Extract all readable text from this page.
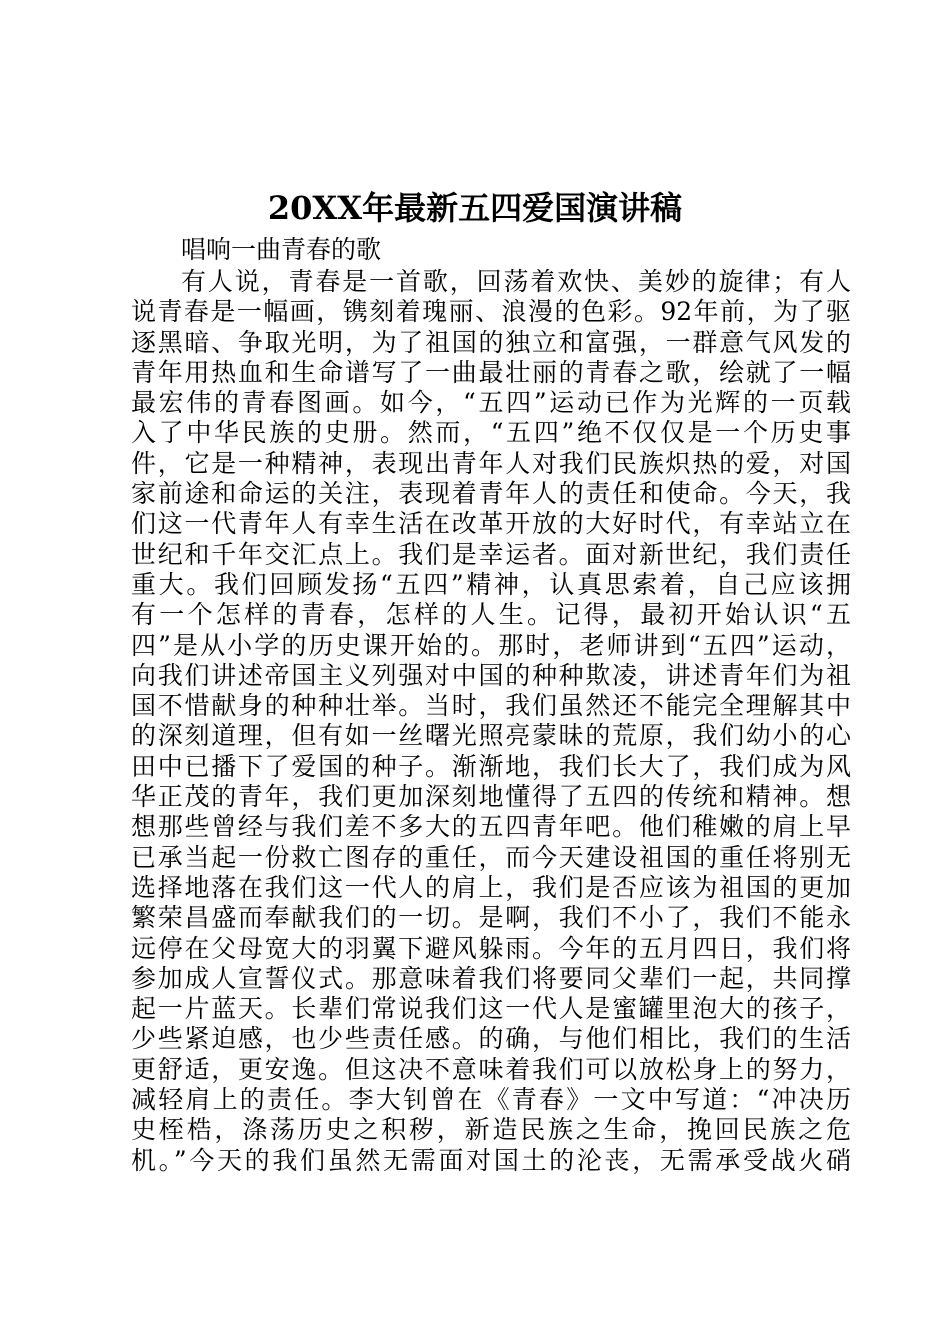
20XX年最新五四爱国演讲稿
唱响一曲青春的歌
有人说，青春是一首歌，回荡着欢快、美妙的旋律；有人
说青春是一幅画，镌刻着瑰丽、浪漫的色彩。92年前，为了驱
逐黑暗、争取光明，为了祖国的独立和富强，一群意气风发的
青年用热血和生命谱写了一曲最壮丽的青春之歌，绘就了一幅
最宏伟的青春图画。如今，“五四”运动已作为光辉的一页载
入了中华民族的史册。然而，“五四”绝不仅仅是一个历史事
件，它是一种精神，表现出青年人对我们民族炽热的爱，对国
家前途和命运的关注，表现着青年人的责任和使命。今天，我
们这一代青年人有幸生活在改革开放的大好时代，有幸站立在
世纪和千年交汇点上。我们是幸运者。面对新世纪，我们责任
重大。我们回顾发扬“五四”精神，认真思索着，自己应该拥
有一个怎样的青春，怎样的人生。记得，最初开始认识“五
四”是从小学的历史课开始的。那时，老师讲到“五四”运动，
向我们讲述帝国主义列强对中国的种种欺凌，讲述青年们为祖
国不惜献身的种种壮举。当时，我们虽然还不能完全理解其中
的深刻道理，但有如一丝曙光照亮蒙昧的荒原，我们幼小的心
田中已播下了爱国的种子。渐渐地，我们长大了，我们成为风
华正茂的青年，我们更加深刻地懂得了五四的传统和精神。想
想那些曾经与我们差不多大的五四青年吧。他们稚嫩的肩上早
已承当起一份救亡图存的重任，而今天建设祖国的重任将别无
选择地落在我们这一代人的肩上，我们是否应该为祖国的更加
繁荣昌盛而奉献我们的一切。是啊，我们不小了，我们不能永
远停在父母宽大的羽翼下避风躲雨。今年的五月四日，我们将
参加成人宣誓仪式。那意味着我们将要同父辈们一起，共同撑
起一片蓝天。长辈们常说我们这一代人是蜜罐里泡大的孩子，
少些紧迫感，也少些责任感。的确，与他们相比，我们的生活
更舒适，更安逸。但这决不意味着我们可以放松身上的努力，
减轻肩上的责任。李大钊曾在《青春》一文中写道：“冲决历
史桎梏，涤荡历史之积秽，新造民族之生命，挽回民族之危
机。”今天的我们虽然无需面对国土的沦丧，无需承受战火硝
